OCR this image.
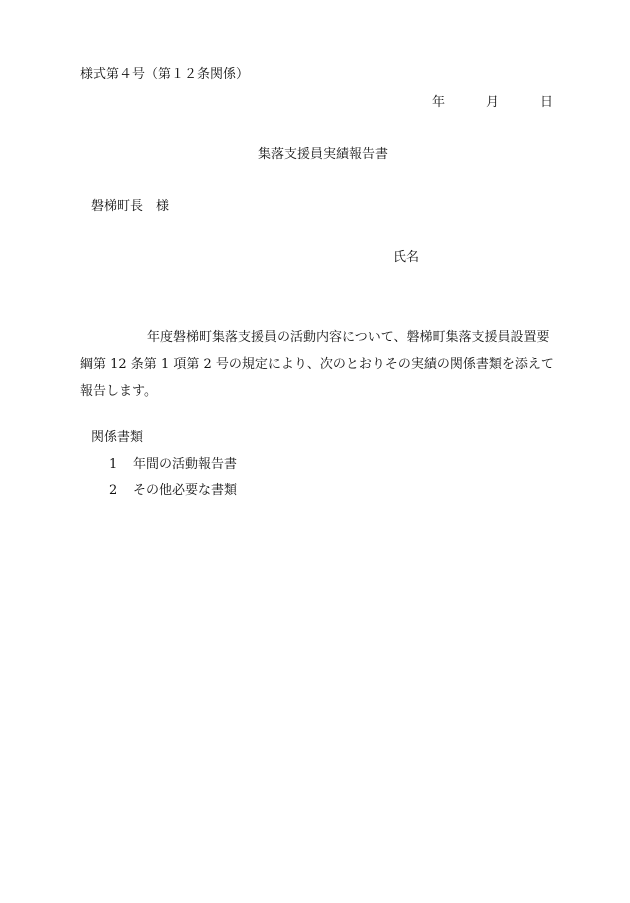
様式第４号（第１２条関係）
年	月	日
集落支援員実績報告書
磐梯町長　様
氏名
年度磐梯町集落支援員の活動内容について、磐梯町集落支援員設置要
綱第 12 条第 1 項第 2 号の規定により、次のとおりその実績の関係書類を添えて
報告します。
関係書類
1 年間の活動報告書
2 その他必要な書類
